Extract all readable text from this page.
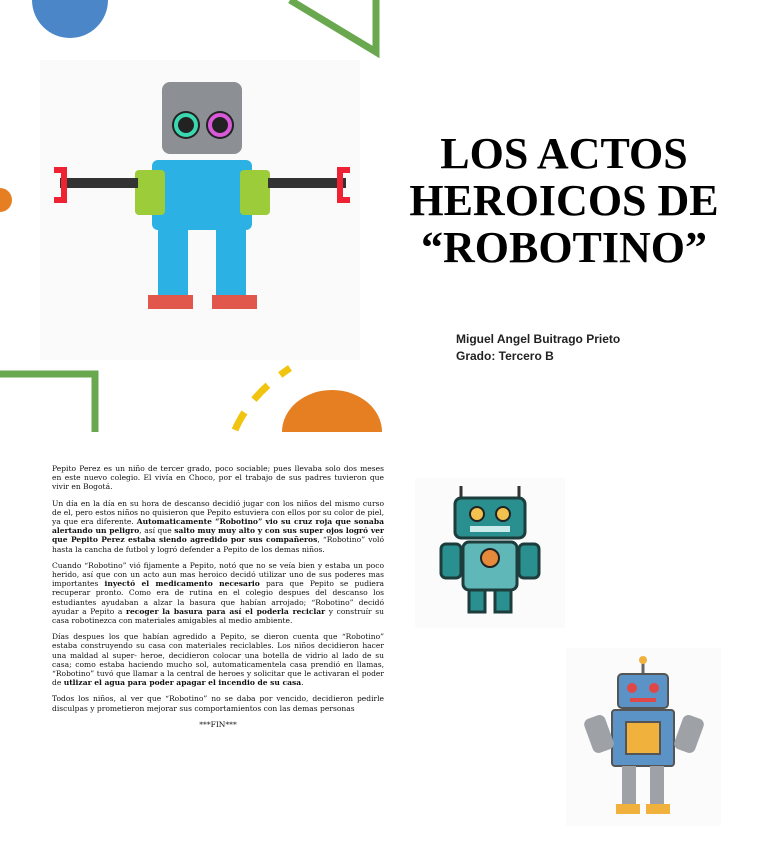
LOS ACTOS
HEROICOS DE
“ROBOTINO”
Miguel Angel Buitrago Prieto
Grado: Tercero B

Pepito Perez es un niño de tercer grado, poco sociable; pues llevaba solo dos meses en este nuevo colegio. El vivía en Choco, por el trabajo de sus padres tuvieron que vivir en Bogotá.

Un día en la día en su hora de descanso decidió jugar con los niños del mismo curso de el, pero estos niños no quisieron que Pepito estuviera con ellos por su color de piel, ya que era diferente. Automaticamente “Robotino” vio su cruz roja que sonaba alertando un peligro, así que salto muy muy alto y con sus super ojos logró ver que Pepito Perez estaba siendo agredido por sus compañeros, “Robotino” voló hasta la cancha de futbol y logró defender a Pepito de los demas niños.

Cuando “Robotino” vió fijamente a Pepito, notó que no se veía bien y estaba un poco herido, así que con un acto aun mas heroico decidó utilizar uno de sus poderes mas importantes inyectó el medicamento necesario para que Pepito se pudiera recuperar pronto. Como era de rutina en el colegio despues del descanso los estudiantes ayudaban a alzar la basura que habían arrojado; “Robotino” decidó ayudar a Pepito a recoger la basura para así el poderla reciclar y construír su casa robotinezca con materiales amigables al medio ambiente.

Días despues los que habían agredido a Pepito, se dieron cuenta que “Robotino” estaba construyendo su casa con materiales reciclables. Los niños decidieron hacer una maldad al super- heroe, decidieron colocar una botella de vidrio al lado de su casa; como estaba haciendo mucho sol, automaticamentela casa prendió en llamas, “Robotino” tuvó que llamar a la central de heroes y solicitar que le activaran el poder de utlizar el agua para poder apagar el incendio de su casa.

Todos los niños, al ver que “Robotino” no se daba por vencido, decidieron pedirle disculpas y prometieron mejorar sus comportamientos con las demas personas

***FIN***
